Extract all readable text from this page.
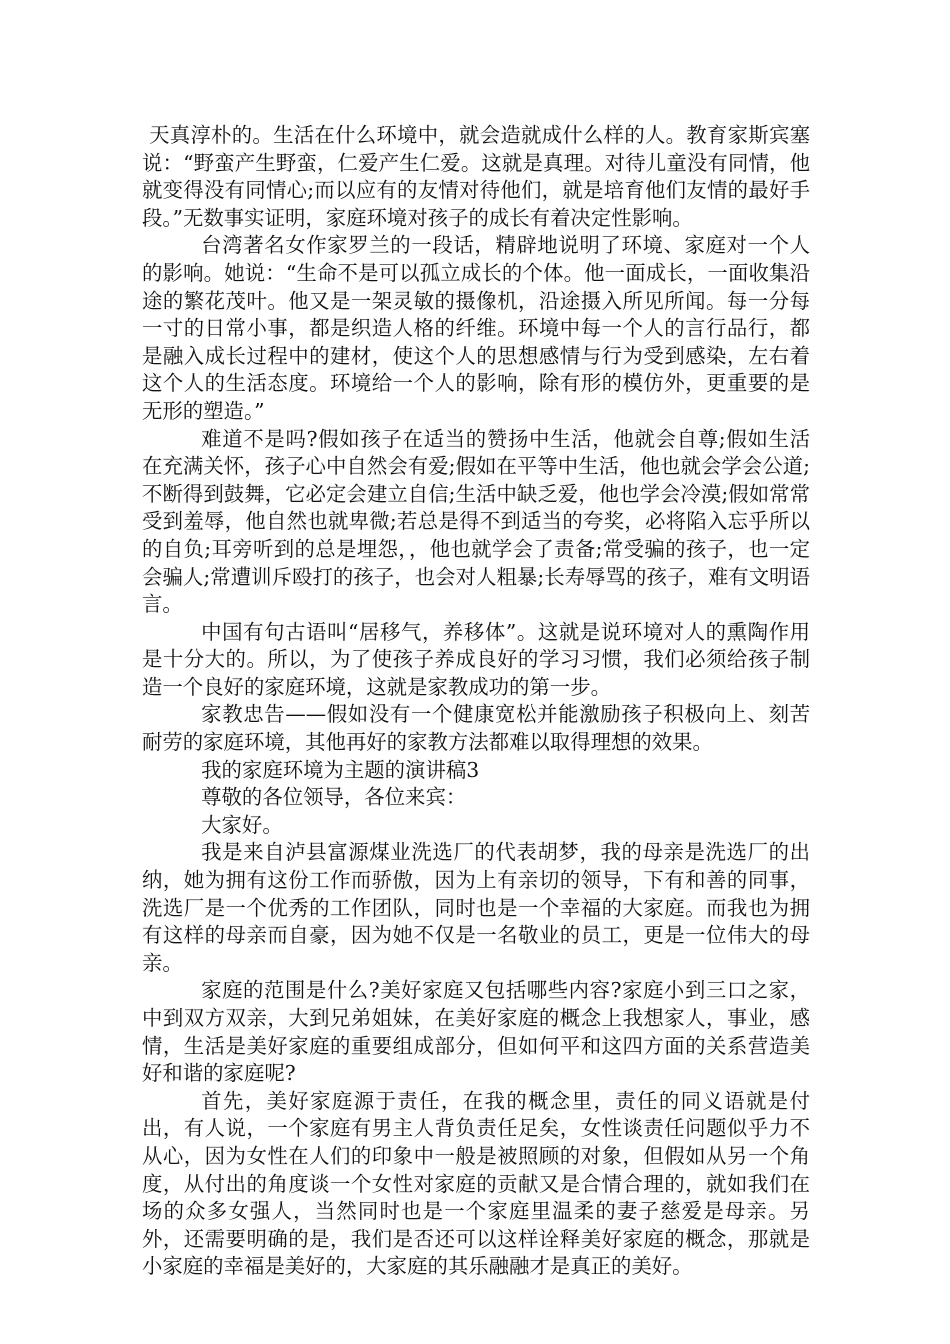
天真淳朴的。生活在什么环境中，就会造就成什么样的人。教育家斯宾塞说：“野蛮产生野蛮，仁爱产生仁爱。这就是真理。对待儿童没有同情，他就变得没有同情心;而以应有的友情对待他们，就是培育他们友情的最好手段。”无数事实证明，家庭环境对孩子的成长有着决定性影响。

台湾著名女作家罗兰的一段话，精辟地说明了环境、家庭对一个人的影响。她说：“生命不是可以孤立成长的个体。他一面成长，一面收集沿途的繁花茂叶。他又是一架灵敏的摄像机，沿途摄入所见所闻。每一分每一寸的日常小事，都是织造人格的纤维。环境中每一个人的言行品行，都是融入成长过程中的建材，使这个人的思想感情与行为受到感染，左右着这个人的生活态度。环境给一个人的影响，除有形的模仿外，更重要的是无形的塑造。”

难道不是吗?假如孩子在适当的赞扬中生活，他就会自尊;假如生活在充满关怀，孩子心中自然会有爱;假如在平等中生活，他也就会学会公道;不断得到鼓舞，它必定会建立自信;生活中缺乏爱，他也学会冷漠;假如常常受到羞辱，他自然也就卑微;若总是得不到适当的夸奖，必将陷入忘乎所以的自负;耳旁听到的总是埋怨，，他也就学会了责备;常受骗的孩子，也一定会骗人;常遭训斥殴打的孩子，也会对人粗暴;长寿辱骂的孩子，难有文明语言。

中国有句古语叫“居移气，养移体”。这就是说环境对人的熏陶作用是十分大的。所以，为了使孩子养成良好的学习习惯，我们必须给孩子制造一个良好的家庭环境，这就是家教成功的第一步。

家教忠告——假如没有一个健康宽松并能激励孩子积极向上、刻苦耐劳的家庭环境，其他再好的家教方法都难以取得理想的效果。

我的家庭环境为主题的演讲稿3

尊敬的各位领导，各位来宾：

大家好。

我是来自泸县富源煤业洗选厂的代表胡梦，我的母亲是洗选厂的出纳，她为拥有这份工作而骄傲，因为上有亲切的领导，下有和善的同事，洗选厂是一个优秀的工作团队，同时也是一个幸福的大家庭。而我也为拥有这样的母亲而自豪，因为她不仅是一名敬业的员工，更是一位伟大的母亲。

家庭的范围是什么?美好家庭又包括哪些内容?家庭小到三口之家，中到双方双亲，大到兄弟姐妹，在美好家庭的概念上我想家人，事业，感情，生活是美好家庭的重要组成部分，但如何平和这四方面的关系营造美好和谐的家庭呢?

首先，美好家庭源于责任，在我的概念里，责任的同义语就是付出，有人说，一个家庭有男主人背负责任足矣，女性谈责任问题似乎力不从心，因为女性在人们的印象中一般是被照顾的对象，但假如从另一个角度，从付出的角度谈一个女性对家庭的贡献又是合情合理的，就如我们在场的众多女强人，当然同时也是一个家庭里温柔的妻子慈爱是母亲。另外，还需要明确的是，我们是否还可以这样诠释美好家庭的概念，那就是小家庭的幸福是美好的，大家庭的其乐融融才是真正的美好。
